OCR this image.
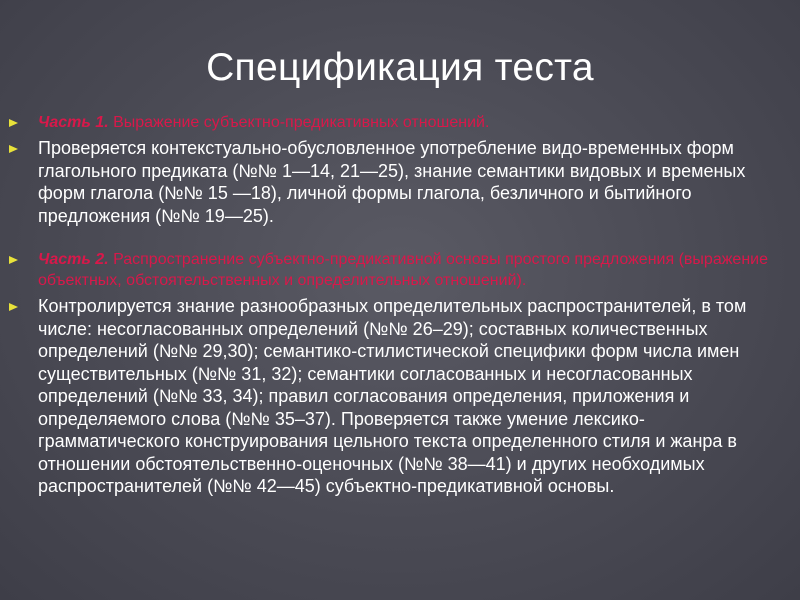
Спецификация теста
Часть 1. Выражение субъектно-предикативных отношений.
Проверяется контекстуально-обусловленное употребление видо-временных форм глагольного предиката (№№ 1—14, 21—25), знание семантики видовых и временых форм глагола (№№ 15 —18), личной формы глагола, безличного и бытийного предложения (№№ 19—25).
Часть 2. Распространение субъектно-предикативной основы простого предложения (выражение объектных, обстоятельственных и определительных отношений).
Контролируется знание разнообразных определительных распространителей, в том числе: несогласованных определений (№№ 26–29); составных количественных определений (№№ 29,30); семантико-стилистической специфики форм числа имен существительных (№№ 31, 32); семантики согласованных и несогласованных определений (№№ 33, 34); правил согласования определения, приложения и определяемого слова (№№ 35–37). Проверяется также умение лексико-грамматического конструирования цельного текста определенного стиля и жанра в отношении обстоятельственно-оценочных (№№ 38—41) и других необходимых распространителей (№№ 42—45) субъектно-предикативной основы.
